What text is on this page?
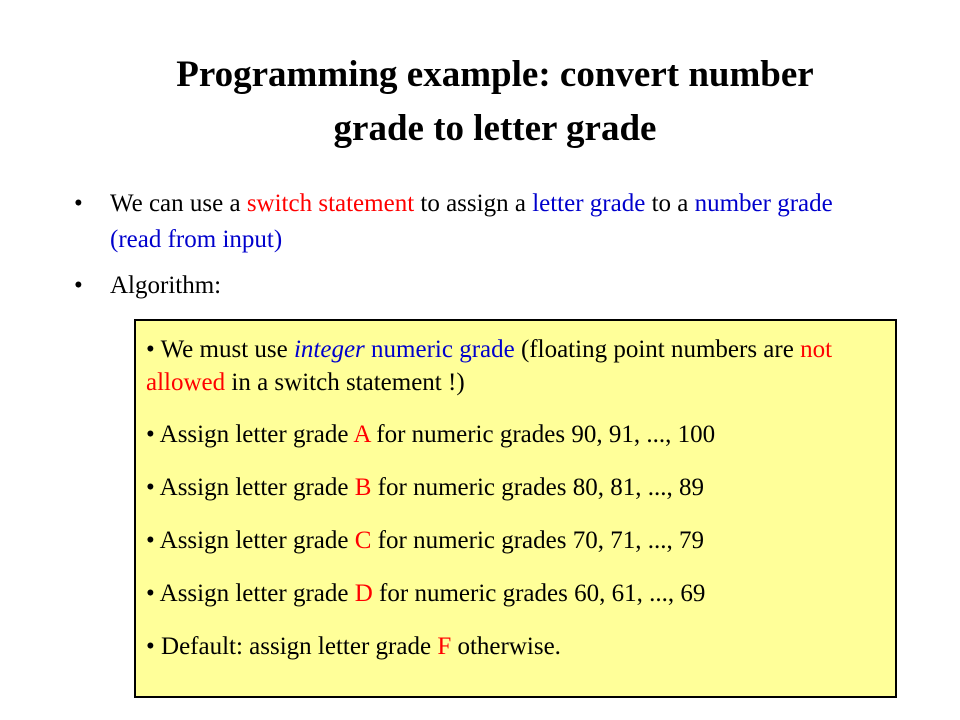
Programming example: convert number
grade to letter grade
• We can use a switch statement to assign a letter grade to a number grade (read from input)
• Algorithm:
• We must use integer numeric grade (floating point numbers are not allowed in a switch statement !)
• Assign letter grade A for numeric grades 90, 91, ..., 100
• Assign letter grade B for numeric grades 80, 81, ..., 89
• Assign letter grade C for numeric grades 70, 71, ..., 79
• Assign letter grade D for numeric grades 60, 61, ..., 69
• Default: assign letter grade F otherwise.
